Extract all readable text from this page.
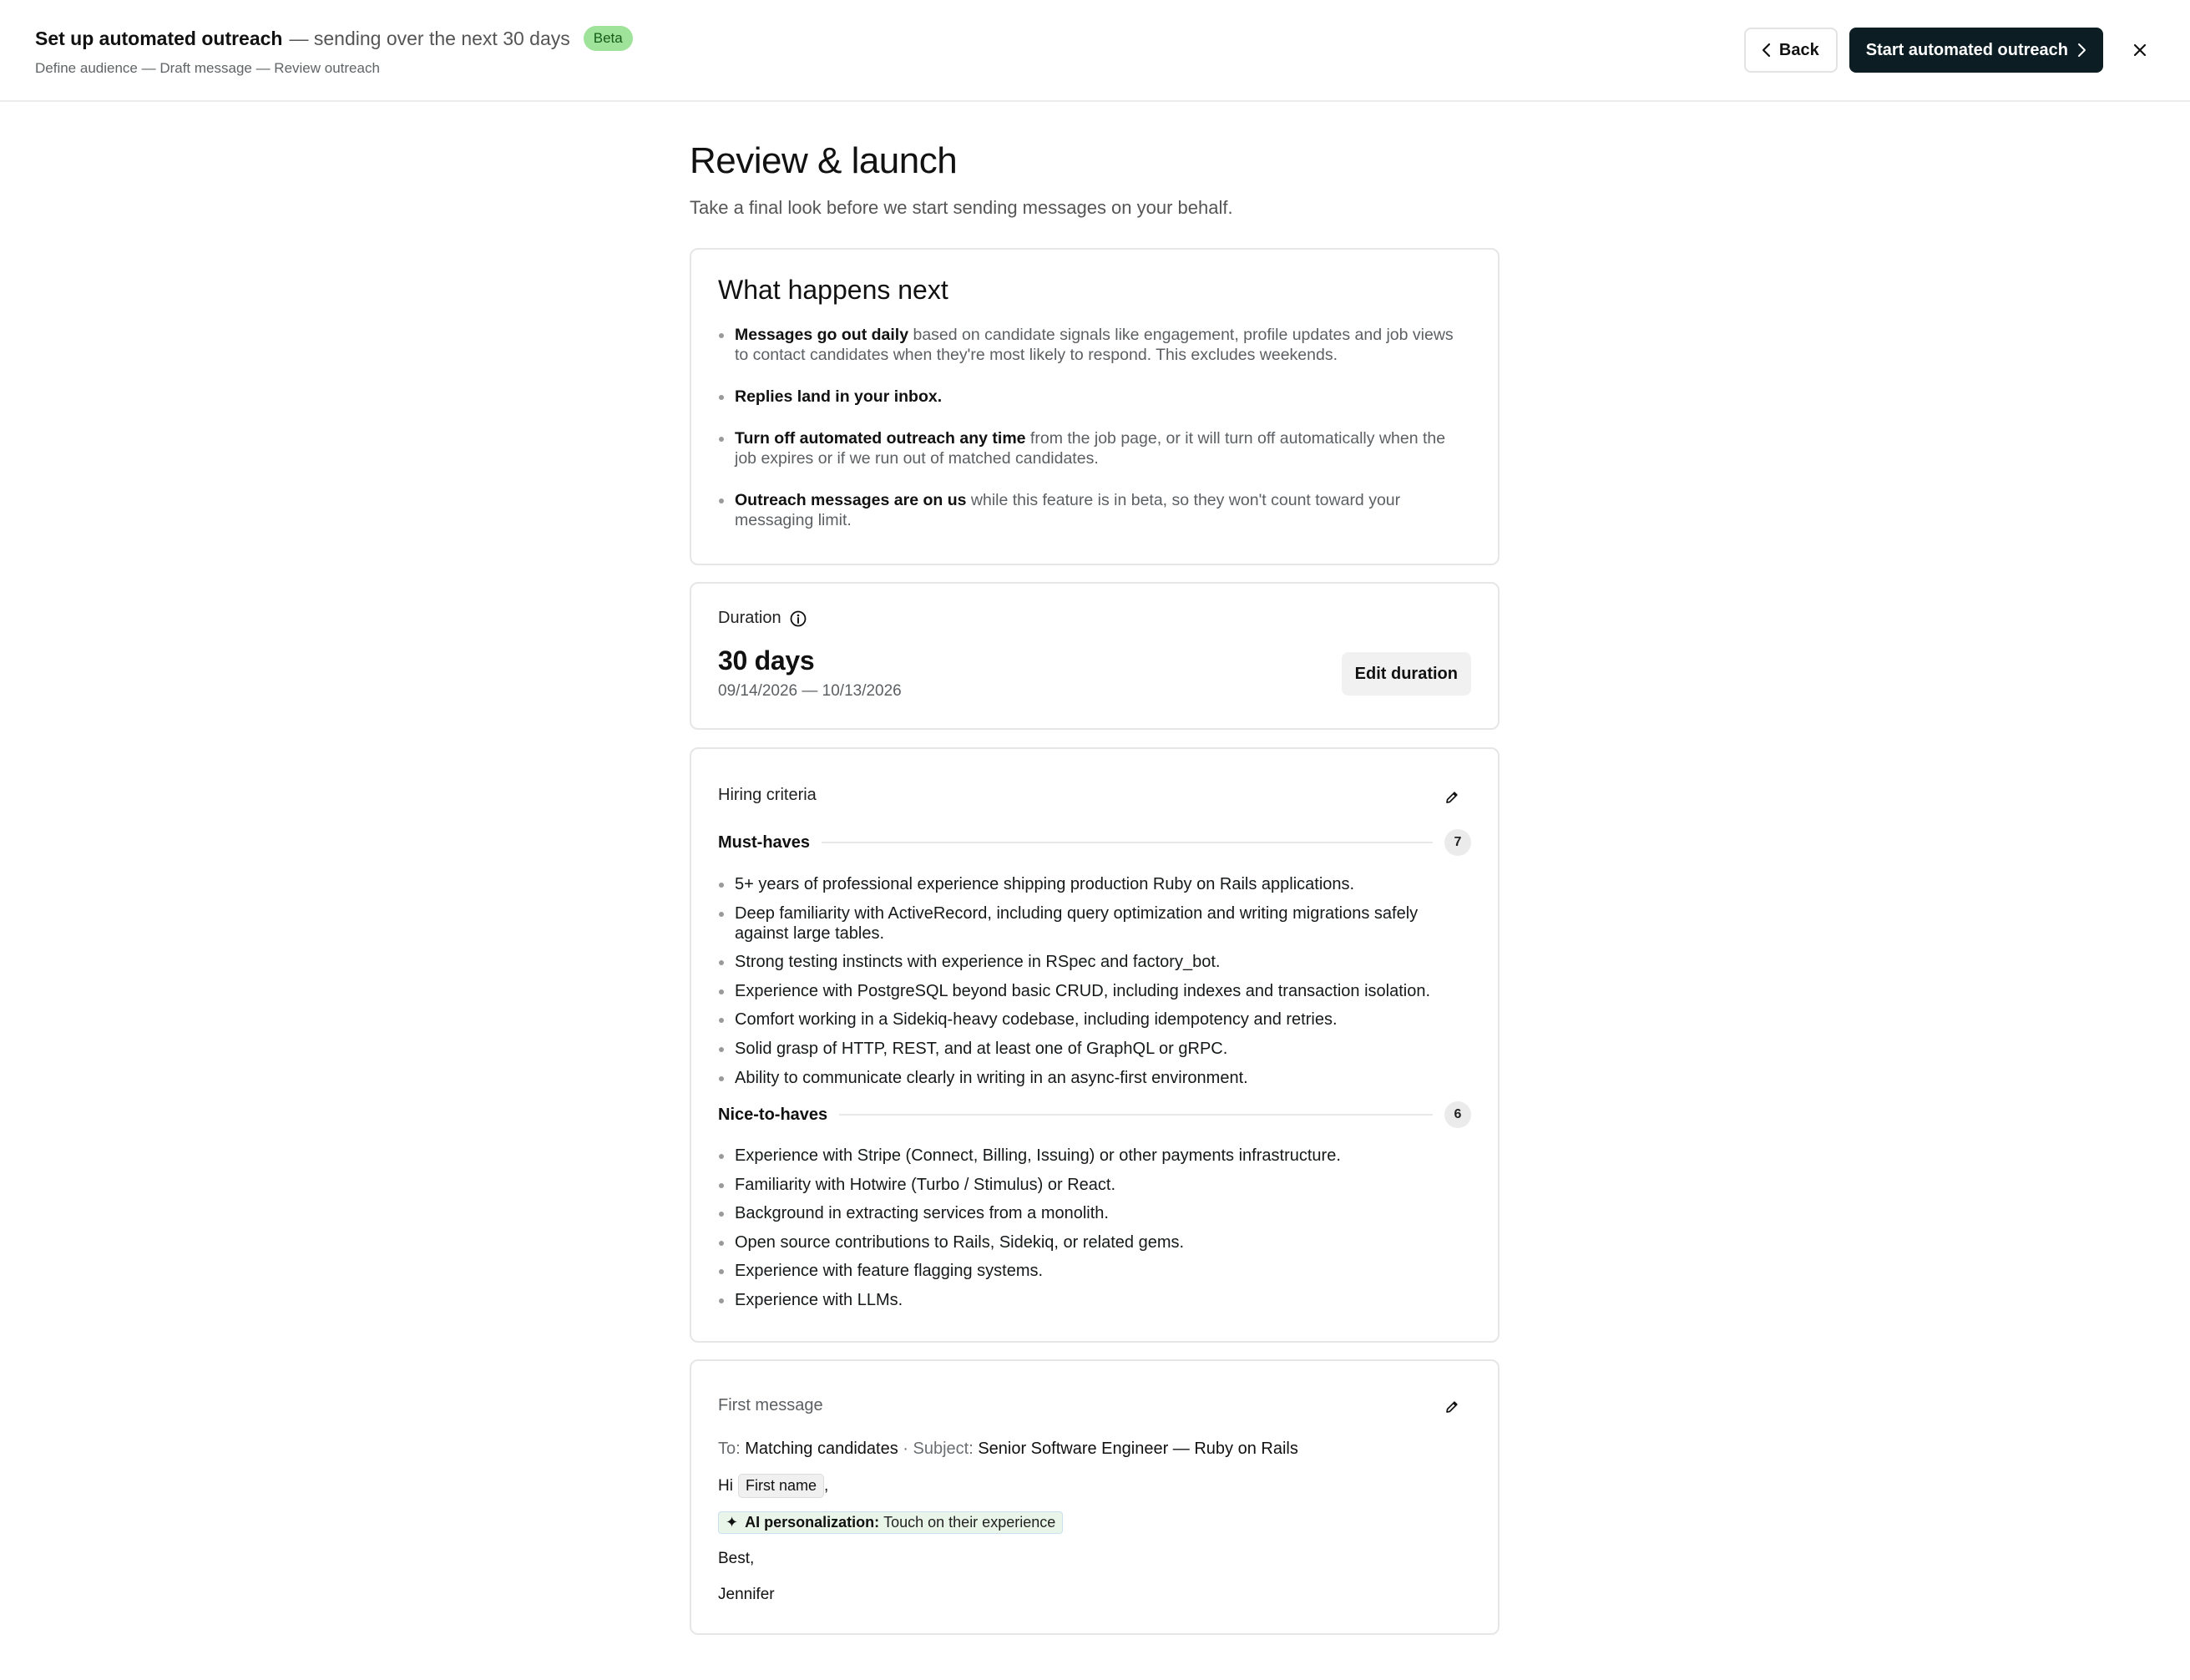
Set up automated outreach — sending over the next 30 days	Beta
Define audience — Draft message — Review outreach
Back	Start automated outreach
Review & launch
Take a final look before we start sending messages on your behalf.
What happens next
Messages go out daily based on candidate signals like engagement, profile updates and job views to contact candidates when they're most likely to respond. This excludes weekends.
Replies land in your inbox.
Turn off automated outreach any time from the job page, or it will turn off automatically when the job expires or if we run out of matched candidates.
Outreach messages are on us while this feature is in beta, so they won't count toward your messaging limit.
Duration
30 days
09/14/2026 — 10/13/2026
Edit duration
Hiring criteria
Must-haves	7
5+ years of professional experience shipping production Ruby on Rails applications.
Deep familiarity with ActiveRecord, including query optimization and writing migrations safely against large tables.
Strong testing instincts with experience in RSpec and factory_bot.
Experience with PostgreSQL beyond basic CRUD, including indexes and transaction isolation.
Comfort working in a Sidekiq-heavy codebase, including idempotency and retries.
Solid grasp of HTTP, REST, and at least one of GraphQL or gRPC.
Ability to communicate clearly in writing in an async-first environment.
Nice-to-haves	6
Experience with Stripe (Connect, Billing, Issuing) or other payments infrastructure.
Familiarity with Hotwire (Turbo / Stimulus) or React.
Background in extracting services from a monolith.
Open source contributions to Rails, Sidekiq, or related gems.
Experience with feature flagging systems.
Experience with LLMs.
First message
To: Matching candidates · Subject: Senior Software Engineer — Ruby on Rails
Hi First name ,
✦ AI personalization: Touch on their experience
Best,
Jennifer
